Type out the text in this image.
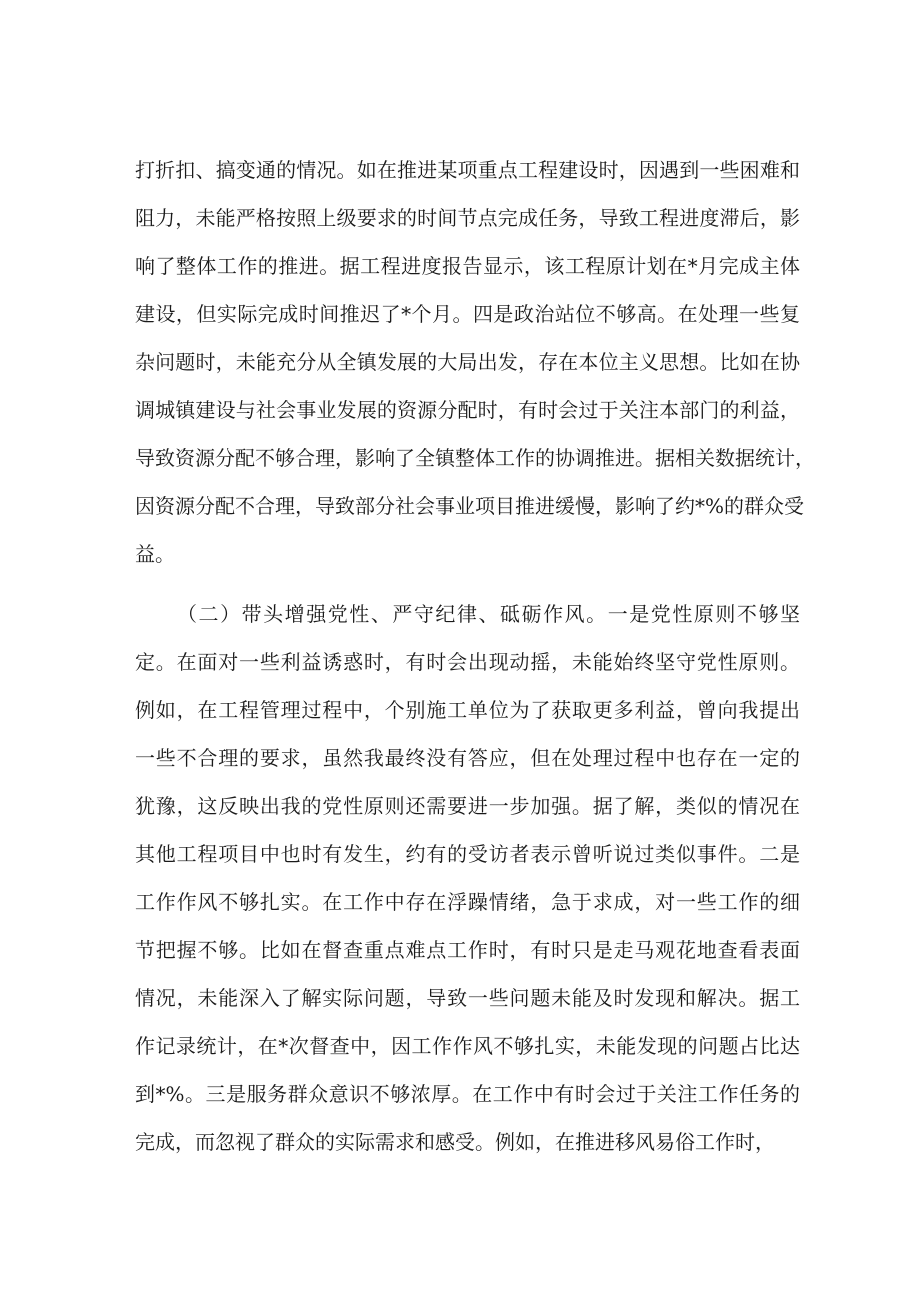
打折扣、搞变通的情况。如在推进某项重点工程建设时，因遇到一些困难和
阻力，未能严格按照上级要求的时间节点完成任务，导致工程进度滞后，影
响了整体工作的推进。据工程进度报告显示，该工程原计划在*月完成主体
建设，但实际完成时间推迟了*个月。四是政治站位不够高。在处理一些复
杂问题时，未能充分从全镇发展的大局出发，存在本位主义思想。比如在协
调城镇建设与社会事业发展的资源分配时，有时会过于关注本部门的利益，
导致资源分配不够合理，影响了全镇整体工作的协调推进。据相关数据统计，
因资源分配不合理，导致部分社会事业项目推进缓慢，影响了约*%的群众受
益。
（二）带头增强党性、严守纪律、砥砺作风。一是党性原则不够坚
定。在面对一些利益诱惑时，有时会出现动摇，未能始终坚守党性原则。
例如，在工程管理过程中，个别施工单位为了获取更多利益，曾向我提出
一些不合理的要求，虽然我最终没有答应，但在处理过程中也存在一定的
犹豫，这反映出我的党性原则还需要进一步加强。据了解，类似的情况在
其他工程项目中也时有发生，约有的受访者表示曾听说过类似事件。二是
工作作风不够扎实。在工作中存在浮躁情绪，急于求成，对一些工作的细
节把握不够。比如在督查重点难点工作时，有时只是走马观花地查看表面
情况，未能深入了解实际问题，导致一些问题未能及时发现和解决。据工
作记录统计，在*次督查中，因工作作风不够扎实，未能发现的问题占比达
到*%。三是服务群众意识不够浓厚。在工作中有时会过于关注工作任务的
完成，而忽视了群众的实际需求和感受。例如，在推进移风易俗工作时，
